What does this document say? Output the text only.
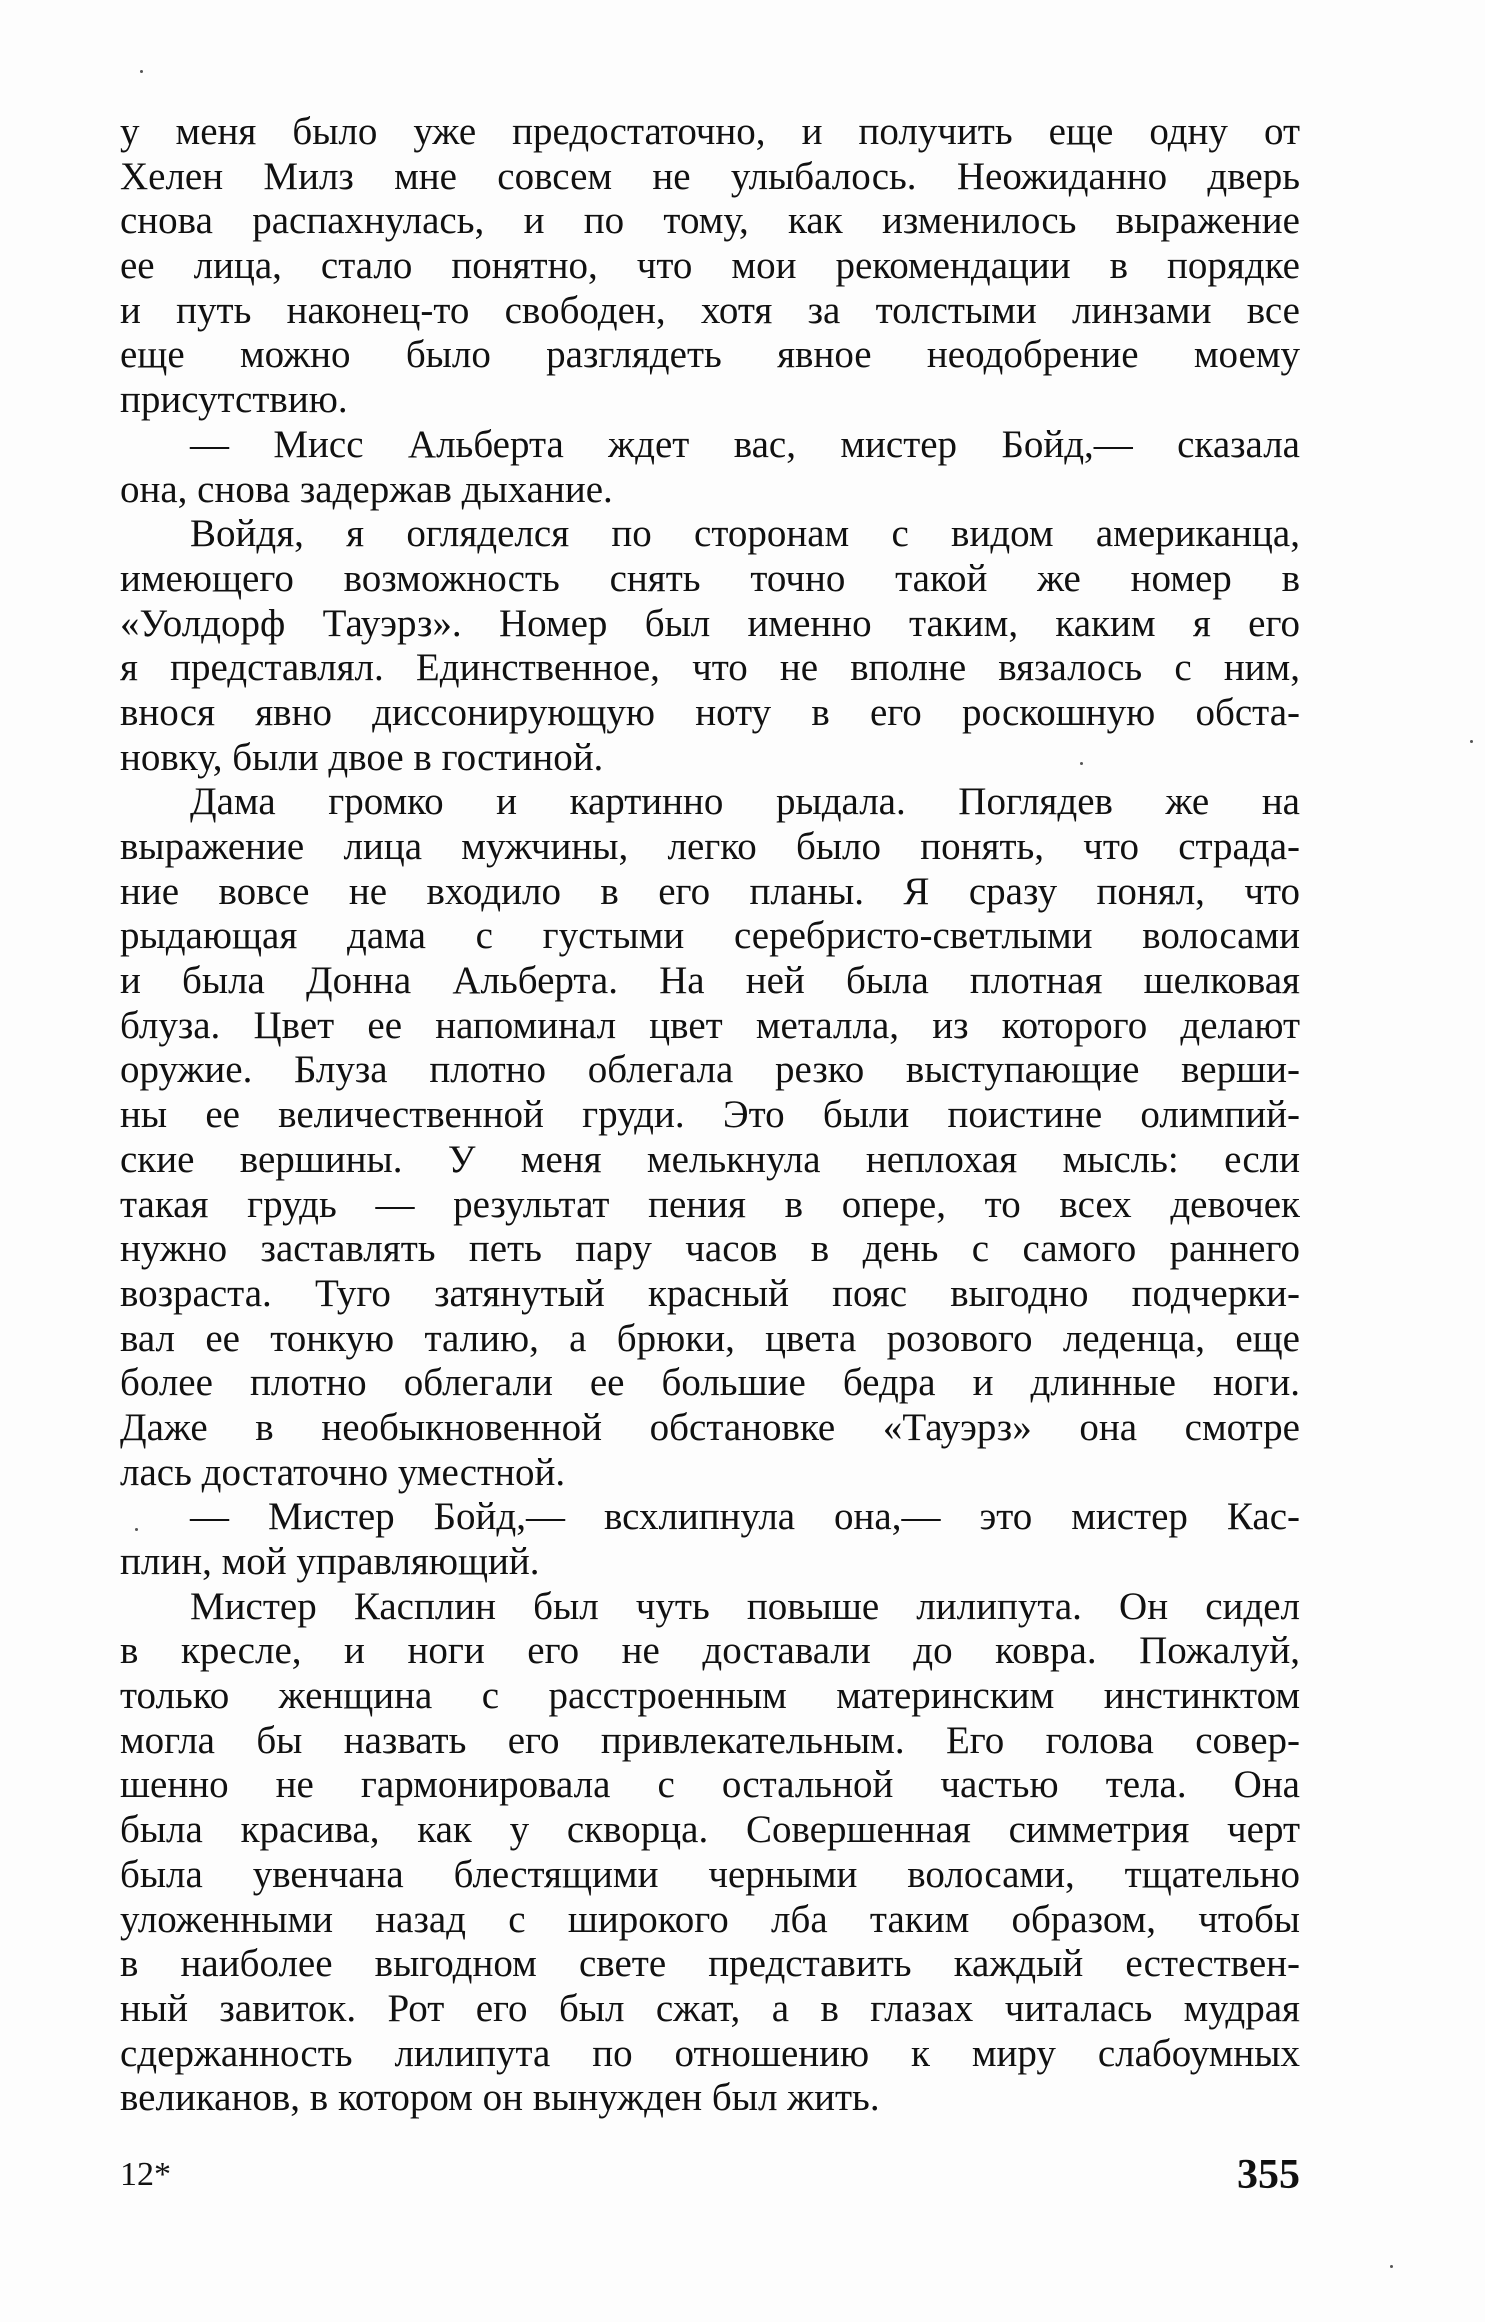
у меня было уже предостаточно, и получить еще одну от
Хелен Милз мне совсем не улыбалось. Неожиданно дверь
снова распахнулась, и по тому, как изменилось выражение
ее лица, стало понятно, что мои рекомендации в порядке
и путь наконец-то свободен, хотя за толстыми линзами все
еще можно было разглядеть явное неодобрение моему
присутствию.
— Мисс Альберта ждет вас, мистер Бойд,— сказала
она, снова задержав дыхание.
Войдя, я огляделся по сторонам с видом американца,
имеющего возможность снять точно такой же номер в
«Уолдорф Тауэрз». Номер был именно таким, каким я его
я представлял. Единственное, что не вполне вязалось с ним,
внося явно диссонирующую ноту в его роскошную обста-
новку, были двое в гостиной.
Дама громко и картинно рыдала. Поглядев же на
выражение лица мужчины, легко было понять, что страда-
ние вовсе не входило в его планы. Я сразу понял, что
рыдающая дама с густыми серебристо-светлыми волосами
и была Донна Альберта. На ней была плотная шелковая
блуза. Цвет ее напоминал цвет металла, из которого делают
оружие. Блуза плотно облегала резко выступающие верши-
ны ее величественной груди. Это были поистине олимпий-
ские вершины. У меня мелькнула неплохая мысль: если
такая грудь — результат пения в опере, то всех девочек
нужно заставлять петь пару часов в день с самого раннего
возраста. Туго затянутый красный пояс выгодно подчерки-
вал ее тонкую талию, а брюки, цвета розового леденца, еще
более плотно облегали ее большие бедра и длинные ноги.
Даже в необыкновенной обстановке «Тауэрз» она смотре
лась достаточно уместной.
— Мистер Бойд,— всхлипнула она,— это мистер Кас-
плин, мой управляющий.
Мистер Касплин был чуть повыше лилипута. Он сидел
в кресле, и ноги его не доставали до ковра. Пожалуй,
только женщина с расстроенным материнским инстинктом
могла бы назвать его привлекательным. Его голова совер-
шенно не гармонировала с остальной частью тела. Она
была красива, как у скворца. Совершенная симметрия черт
была увенчана блестящими черными волосами, тщательно
уложенными назад с широкого лба таким образом, чтобы
в наиболее выгодном свете представить каждый естествен-
ный завиток. Рот его был сжат, а в глазах читалась мудрая
сдержанность лилипута по отношению к миру слабоумных
великанов, в котором он вынужден был жить.
12*	355
